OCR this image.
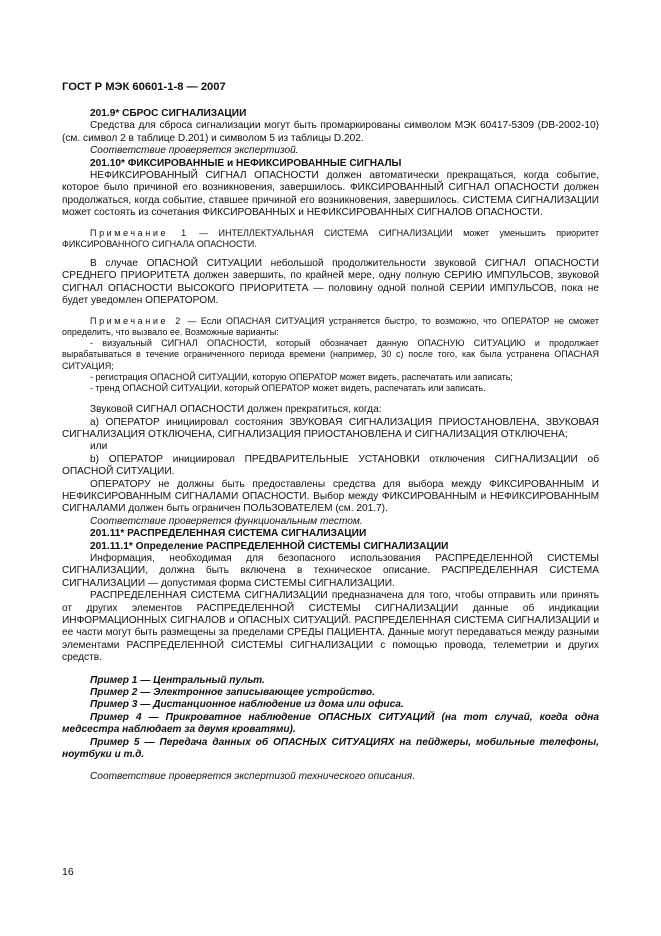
ГОСТ Р МЭК 60601-1-8 — 2007

201.9* СБРОС СИГНАЛИЗАЦИИ

Средства для сброса сигнализации могут быть промаркированы символом МЭК 60417-5309 (DB-2002-10) (см. символ 2 в таблице D.201) и символом 5 из таблицы D.202.

Соответствие проверяется экспертизой.

201.10* ФИКСИРОВАННЫЕ и НЕФИКСИРОВАННЫЕ СИГНАЛЫ

НЕФИКСИРОВАННЫЙ СИГНАЛ ОПАСНОСТИ должен автоматически прекращаться, когда событие, которое было причиной его возникновения, завершилось. ФИКСИРОВАННЫЙ СИГНАЛ ОПАСНОСТИ должен продолжаться, когда событие, ставшее причиной его возникновения, завершилось. СИСТЕМА СИГНАЛИЗАЦИИ может состоять из сочетания ФИКСИРОВАННЫХ и НЕФИКСИРОВАННЫХ СИГНАЛОВ ОПАСНОСТИ.

Примечание 1 — ИНТЕЛЛЕКТУАЛЬНАЯ СИСТЕМА СИГНАЛИЗАЦИИ может уменьшить приоритет ФИКСИРОВАННОГО СИГНАЛА ОПАСНОСТИ.

В случае ОПАСНОЙ СИТУАЦИИ небольшой продолжительности звуковой СИГНАЛ ОПАСНОСТИ СРЕДНЕГО ПРИОРИТЕТА должен завершить, по крайней мере, одну полную СЕРИЮ ИМПУЛЬСОВ, звуковой СИГНАЛ ОПАСНОСТИ ВЫСОКОГО ПРИОРИТЕТА — половину одной полной СЕРИИ ИМПУЛЬСОВ, пока не будет уведомлен ОПЕРАТОРОМ.

Примечание 2 — Если ОПАСНАЯ СИТУАЦИЯ устраняется быстро, то возможно, что ОПЕРАТОР не сможет определить, что вызвало ее. Возможные варианты:

- визуальный СИГНАЛ ОПАСНОСТИ, который обозначает данную ОПАСНУЮ СИТУАЦИЮ и продолжает вырабатываться в течение ограниченного периода времени (например, 30 с) после того, как была устранена ОПАСНАЯ СИТУАЦИЯ;

- регистрация ОПАСНОЙ СИТУАЦИИ, которую ОПЕРАТОР может видеть, распечатать или записать;

- тренд ОПАСНОЙ СИТУАЦИИ, который ОПЕРАТОР может видеть, распечатать или записать.

Звуковой СИГНАЛ ОПАСНОСТИ должен прекратиться, когда:

а) ОПЕРАТОР инициировал состояния ЗВУКОВАЯ СИГНАЛИЗАЦИЯ ПРИОСТАНОВЛЕНА, ЗВУКОВАЯ СИГНАЛИЗАЦИЯ ОТКЛЮЧЕНА, СИГНАЛИЗАЦИЯ ПРИОСТАНОВЛЕНА И СИГНАЛИЗАЦИЯ ОТКЛЮЧЕНА;

или

b) ОПЕРАТОР инициировал ПРЕДВАРИТЕЛЬНЫЕ УСТАНОВКИ отключения СИГНАЛИЗАЦИИ об ОПАСНОЙ СИТУАЦИИ.

ОПЕРАТОРУ не должны быть предоставлены средства для выбора между ФИКСИРОВАННЫМ И НЕФИКСИРОВАННЫМ СИГНАЛАМИ ОПАСНОСТИ. Выбор между ФИКСИРОВАННЫМ и НЕФИКСИРОВАННЫМ СИГНАЛАМИ должен быть ограничен ПОЛЬЗОВАТЕЛЕМ (см. 201.7).

Соответствие проверяется функциональным тестом.

201.11* РАСПРЕДЕЛЕННАЯ СИСТЕМА СИГНАЛИЗАЦИИ

201.11.1* Определение РАСПРЕДЕЛЕННОЙ СИСТЕМЫ СИГНАЛИЗАЦИИ

Информация, необходимая для безопасного использования РАСПРЕДЕЛЕННОЙ СИСТЕМЫ СИГНАЛИЗАЦИИ, должна быть включена в техническое описание. РАСПРЕДЕЛЕННАЯ СИСТЕМА СИГНАЛИЗАЦИИ — допустимая форма СИСТЕМЫ СИГНАЛИЗАЦИИ.

РАСПРЕДЕЛЕННАЯ СИСТЕМА СИГНАЛИЗАЦИИ предназначена для того, чтобы отправить или принять от других элементов РАСПРЕДЕЛЕННОЙ СИСТЕМЫ СИГНАЛИЗАЦИИ данные об индикации ИНФОРМАЦИОННЫХ СИГНАЛОВ и ОПАСНЫХ СИТУАЦИЙ. РАСПРЕДЕЛЕННАЯ СИСТЕМА СИГНАЛИЗАЦИИ и ее части могут быть размещены за пределами СРЕДЫ ПАЦИЕНТА. Данные могут передаваться между разными элементами РАСПРЕДЕЛЕННОЙ СИСТЕМЫ СИГНАЛИЗАЦИИ с помощью провода, телеметрии и других средств.

Пример 1 — Центральный пульт.

Пример 2 — Электронное записывающее устройство.

Пример 3 — Дистанционное наблюдение из дома или офиса.

Пример 4 — Прикроватное наблюдение ОПАСНЫХ СИТУАЦИЙ (на тот случай, когда одна медсестра наблюдает за двумя кроватями).

Пример 5 — Передача данных об ОПАСНЫХ СИТУАЦИЯХ на пейджеры, мобильные телефоны, ноутбуки и т.д.

Соответствие проверяется экспертизой технического описания.

16
